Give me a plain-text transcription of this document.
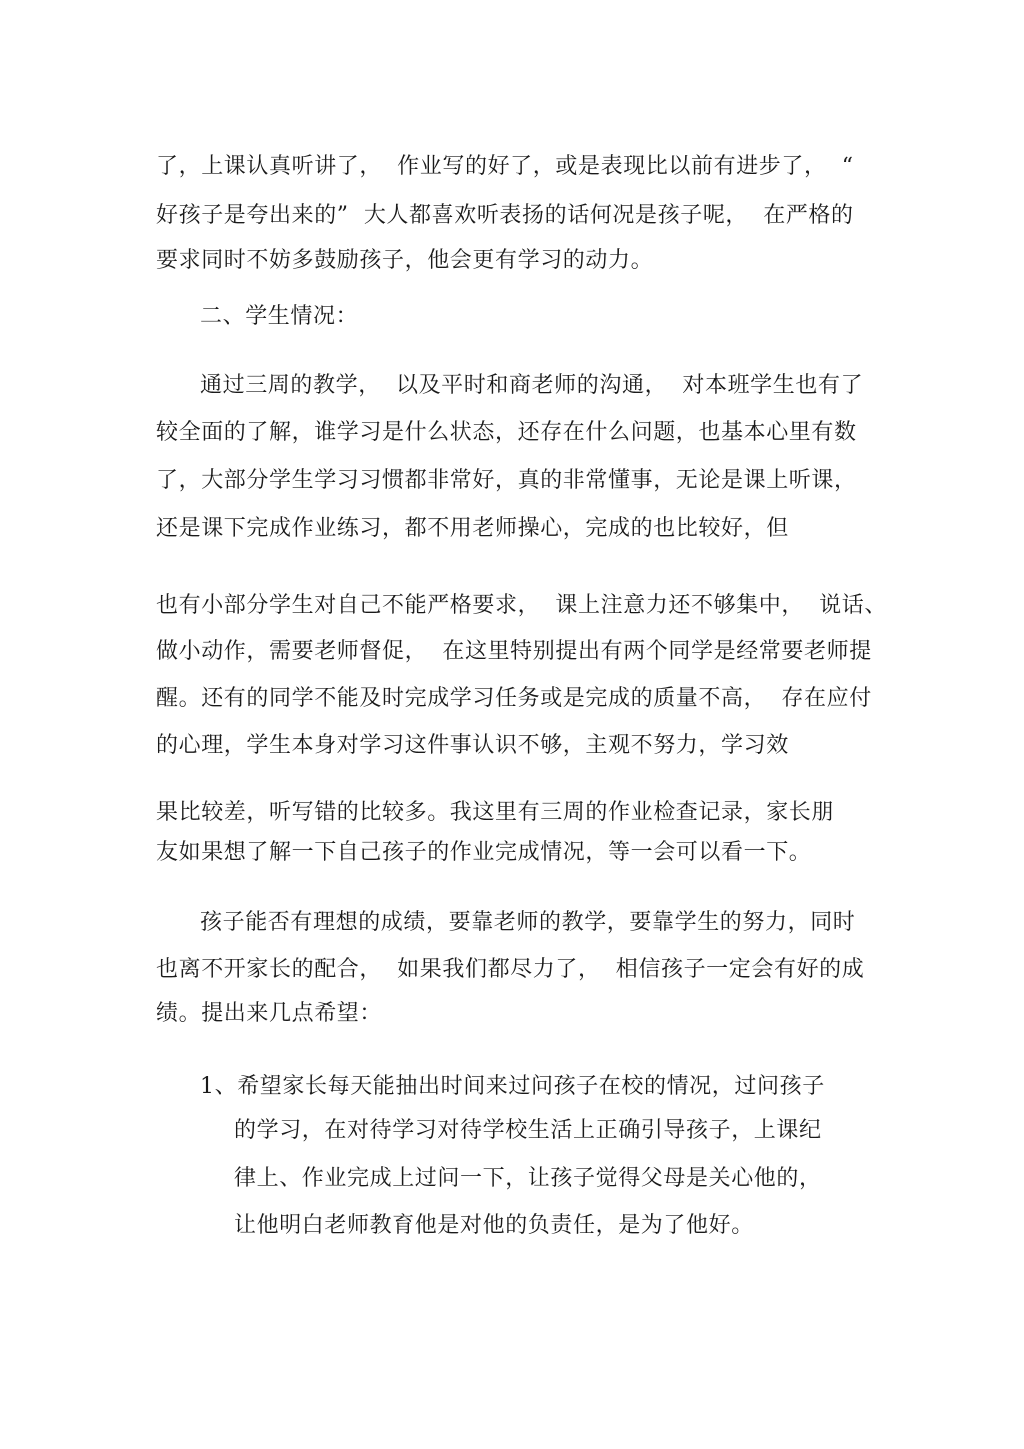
了，上课认真听讲了，  作业写的好了，或是表现比以前有进步了，  “
好孩子是夸出来的”  大人都喜欢听表扬的话何况是孩子呢，  在严格的
要求同时不妨多鼓励孩子，他会更有学习的动力。
二、学生情况：
通过三周的教学，  以及平时和商老师的沟通，  对本班学生也有了
较全面的了解，谁学习是什么状态，还存在什么问题，也基本心里有数
了，大部分学生学习习惯都非常好，真的非常懂事，无论是课上听课，
还是课下完成作业练习，都不用老师操心，完成的也比较好，但
也有小部分学生对自己不能严格要求，  课上注意力还不够集中，  说话、
做小动作，需要老师督促，  在这里特别提出有两个同学是经常要老师提
醒。还有的同学不能及时完成学习任务或是完成的质量不高，  存在应付
的心理，学生本身对学习这件事认识不够，主观不努力，学习效
果比较差，听写错的比较多。我这里有三周的作业检查记录，家长朋
友如果想了解一下自己孩子的作业完成情况，等一会可以看一下。
孩子能否有理想的成绩，要靠老师的教学，要靠学生的努力，同时
也离不开家长的配合，  如果我们都尽力了，  相信孩子一定会有好的成
绩。提出来几点希望：
1、希望家长每天能抽出时间来过问孩子在校的情况，过问孩子
的学习，在对待学习对待学校生活上正确引导孩子，上课纪
律上、作业完成上过问一下，让孩子觉得父母是关心他的，
让他明白老师教育他是对他的负责任，是为了他好。
